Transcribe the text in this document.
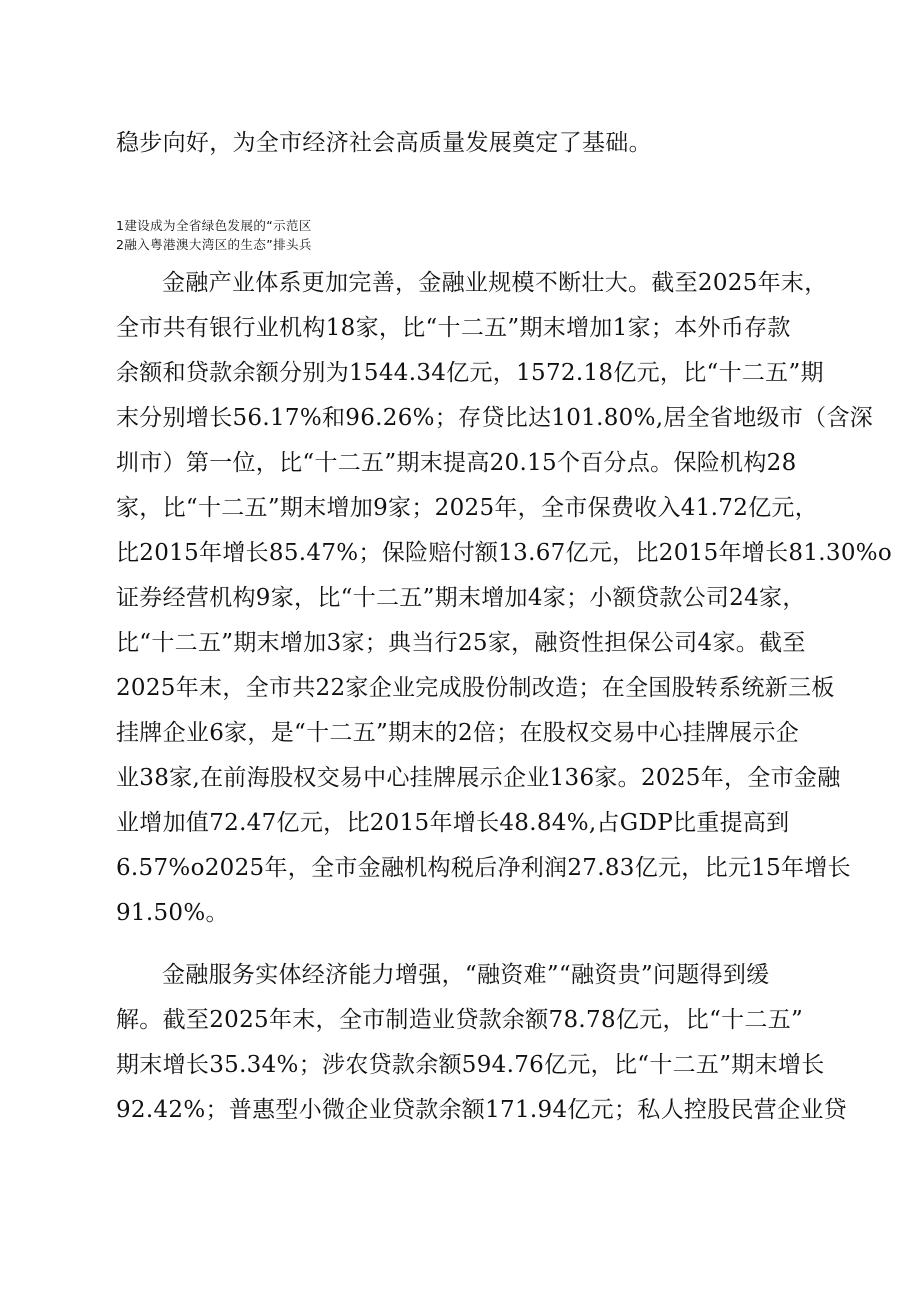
稳步向好，为全市经济社会高质量发展奠定了基础。
1建设成为全省绿色发展的“示范区
2融入粤港澳大湾区的生态”排头兵
金融产业体系更加完善，金融业规模不断壮大。截至2025年末，
全市共有银行业机构18家，比“十二五”期末增加1家；本外币存款
余额和贷款余额分别为1544.34亿元，1572.18亿元，比“十二五”期
末分别增长56.17%和96.26%；存贷比达101.80%,居全省地级市（含深
圳市）第一位，比“十二五”期末提高20.15个百分点。保险机构28
家，比“十二五”期末增加9家；2025年，全市保费收入41.72亿元，
比2015年增长85.47%；保险赔付额13.67亿元，比2015年增长81.30%o
证券经营机构9家，比“十二五”期末增加4家；小额贷款公司24家，
比“十二五”期末增加3家；典当行25家，融资性担保公司4家。截至
2025年末，全市共22家企业完成股份制改造；在全国股转系统新三板
挂牌企业6家，是“十二五”期末的2倍；在股权交易中心挂牌展示企
业38家,在前海股权交易中心挂牌展示企业136家。2025年，全市金融
业增加值72.47亿元，比2015年增长48.84%,占GDP比重提高到
6.57%o2025年，全市金融机构税后净利润27.83亿元，比元15年增长
91.50%。
金融服务实体经济能力增强，“融资难”“融资贵”问题得到缓
解。截至2025年末，全市制造业贷款余额78.78亿元，比“十二五”
期末增长35.34%；涉农贷款余额594.76亿元，比“十二五”期末增长
92.42%；普惠型小微企业贷款余额171.94亿元；私人控股民营企业贷
